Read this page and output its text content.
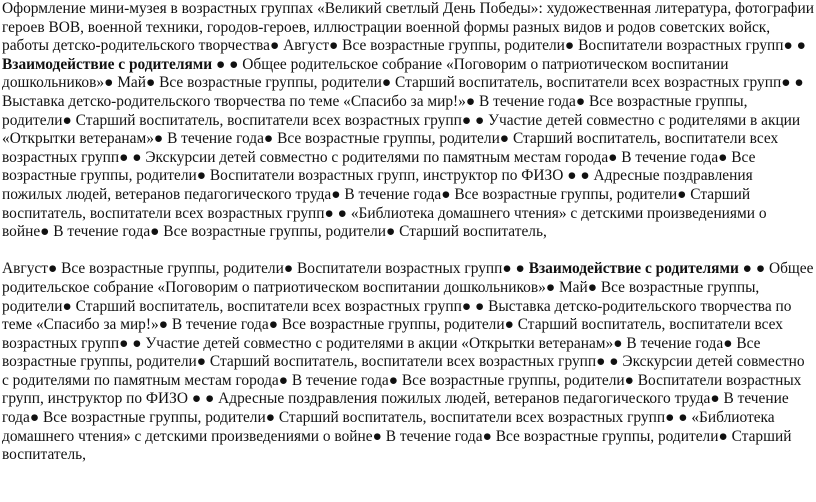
Оформление мини-музея в возрастных группах «Великий светлый День Победы»: художественная литература, фотографии героев ВОВ, военной техники, городов-героев, иллюстрации военной формы разных видов и родов советских войск, работы детско-родительского творчества● Август● Все возрастные группы, родители● Воспитатели возрастных групп● ● Взаимодействие с родителями ● ● Общее родительское собрание «Поговорим о патриотическом воспитании дошкольников»● Май● Все возрастные группы, родители● Старший воспитатель, воспитатели всех возрастных групп● ● Выставка детско-родительского творчества по теме «Спасибо за мир!»● В течение года● Все возрастные группы, родители● Старший воспитатель, воспитатели всех возрастных групп● ● Участие детей совместно с родителями в акции «Открытки ветеранам»● В течение года● Все возрастные группы, родители● Старший воспитатель, воспитатели всех возрастных групп● ● Экскурсии детей совместно с родителями по памятным местам города● В течение года● Все возрастные группы, родители● Воспитатели возрастных групп, инструктор по ФИЗО ● ● Адресные поздравления пожилых людей, ветеранов педагогического труда● В течение года● Все возрастные группы, родители● Старший воспитатель, воспитатели всех возрастных групп● ● «Библиотека домашнего чтения» с детскими произведениями о войне● В течение года● Все возрастные группы, родители● Старший воспитатель,

Август● Все возрастные группы, родители● Воспитатели возрастных групп● ● Взаимодействие с родителями ● ● Общее родительское собрание «Поговорим о патриотическом воспитании дошкольников»● Май● Все возрастные группы, родители● Старший воспитатель, воспитатели всех возрастных групп● ● Выставка детско-родительского творчества по теме «Спасибо за мир!»● В течение года● Все возрастные группы, родители● Старший воспитатель, воспитатели всех возрастных групп● ● Участие детей совместно с родителями в акции «Открытки ветеранам»● В течение года● Все возрастные группы, родители● Старший воспитатель, воспитатели всех возрастных групп● ● Экскурсии детей совместно с родителями по памятным местам города● В течение года● Все возрастные группы, родители● Воспитатели возрастных групп, инструктор по ФИЗО ● ● Адресные поздравления пожилых людей, ветеранов педагогического труда● В течение года● Все возрастные группы, родители● Старший воспитатель, воспитатели всех возрастных групп● ● «Библиотека домашнего чтения» с детскими произведениями о войне● В течение года● Все возрастные группы, родители● Старший воспитатель,
